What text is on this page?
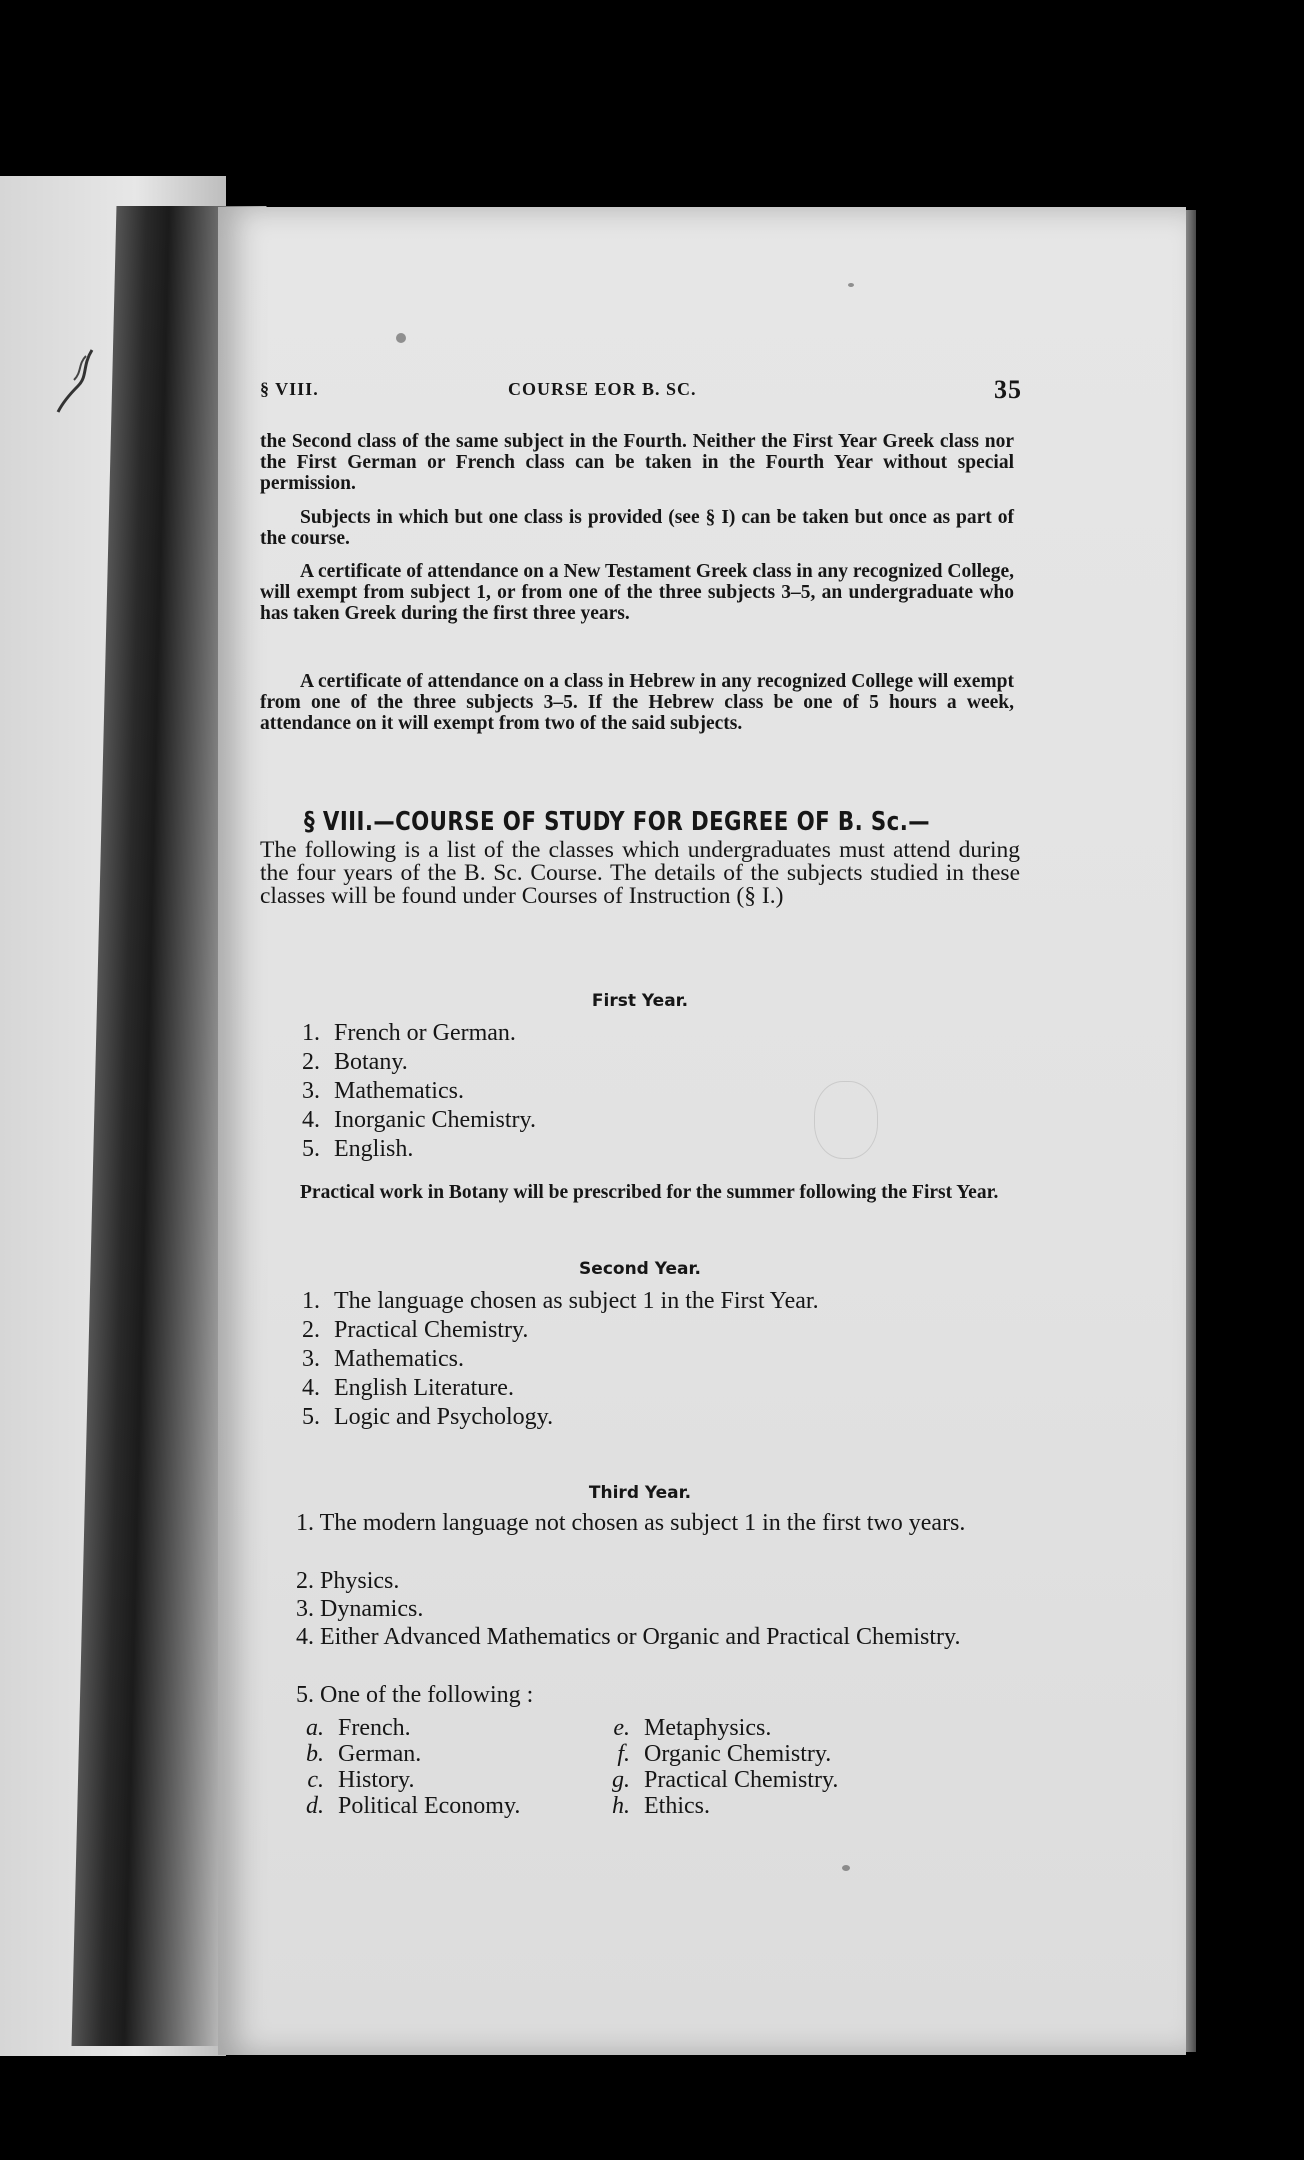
§ VIII.	COURSE EOR B. SC.	35
the Second class of the same subject in the Fourth. Neither the First Year Greek class nor the First German or French class can be taken in the Fourth Year without special permission.
Subjects in which but one class is provided (see § I) can be taken but once as part of the course.
A certificate of attendance on a New Testament Greek class in any recognized College, will exempt from subject 1, or from one of the three subjects 3–5, an undergraduate who has taken Greek during the first three years.
A certificate of attendance on a class in Hebrew in any recognized College will exempt from one of the three subjects 3–5. If the Hebrew class be one of 5 hours a week, attendance on it will exempt from two of the said subjects.
§ VIII.—COURSE OF STUDY FOR DEGREE OF B. Sc.—
The following is a list of the classes which undergraduates must attend during the four years of the B. Sc. Course. The details of the subjects studied in these classes will be found under Courses of Instruction (§ I.)
First Year.
1. French or German.
2. Botany.
3. Mathematics.
4. Inorganic Chemistry.
5. English.
Practical work in Botany will be prescribed for the summer following the First Year.
Second Year.
1. The language chosen as subject 1 in the First Year.
2. Practical Chemistry.
3. Mathematics.
4. English Literature.
5. Logic and Psychology.
Third Year.
1. The modern language not chosen as subject 1 in the first two years.
2. Physics.
3. Dynamics.
4. Either Advanced Mathematics or Organic and Practical Chemistry.
5. One of the following :
a. French.
b. German.
c. History.
d. Political Economy.
e. Metaphysics.
f. Organic Chemistry.
g. Practical Chemistry.
h. Ethics.
